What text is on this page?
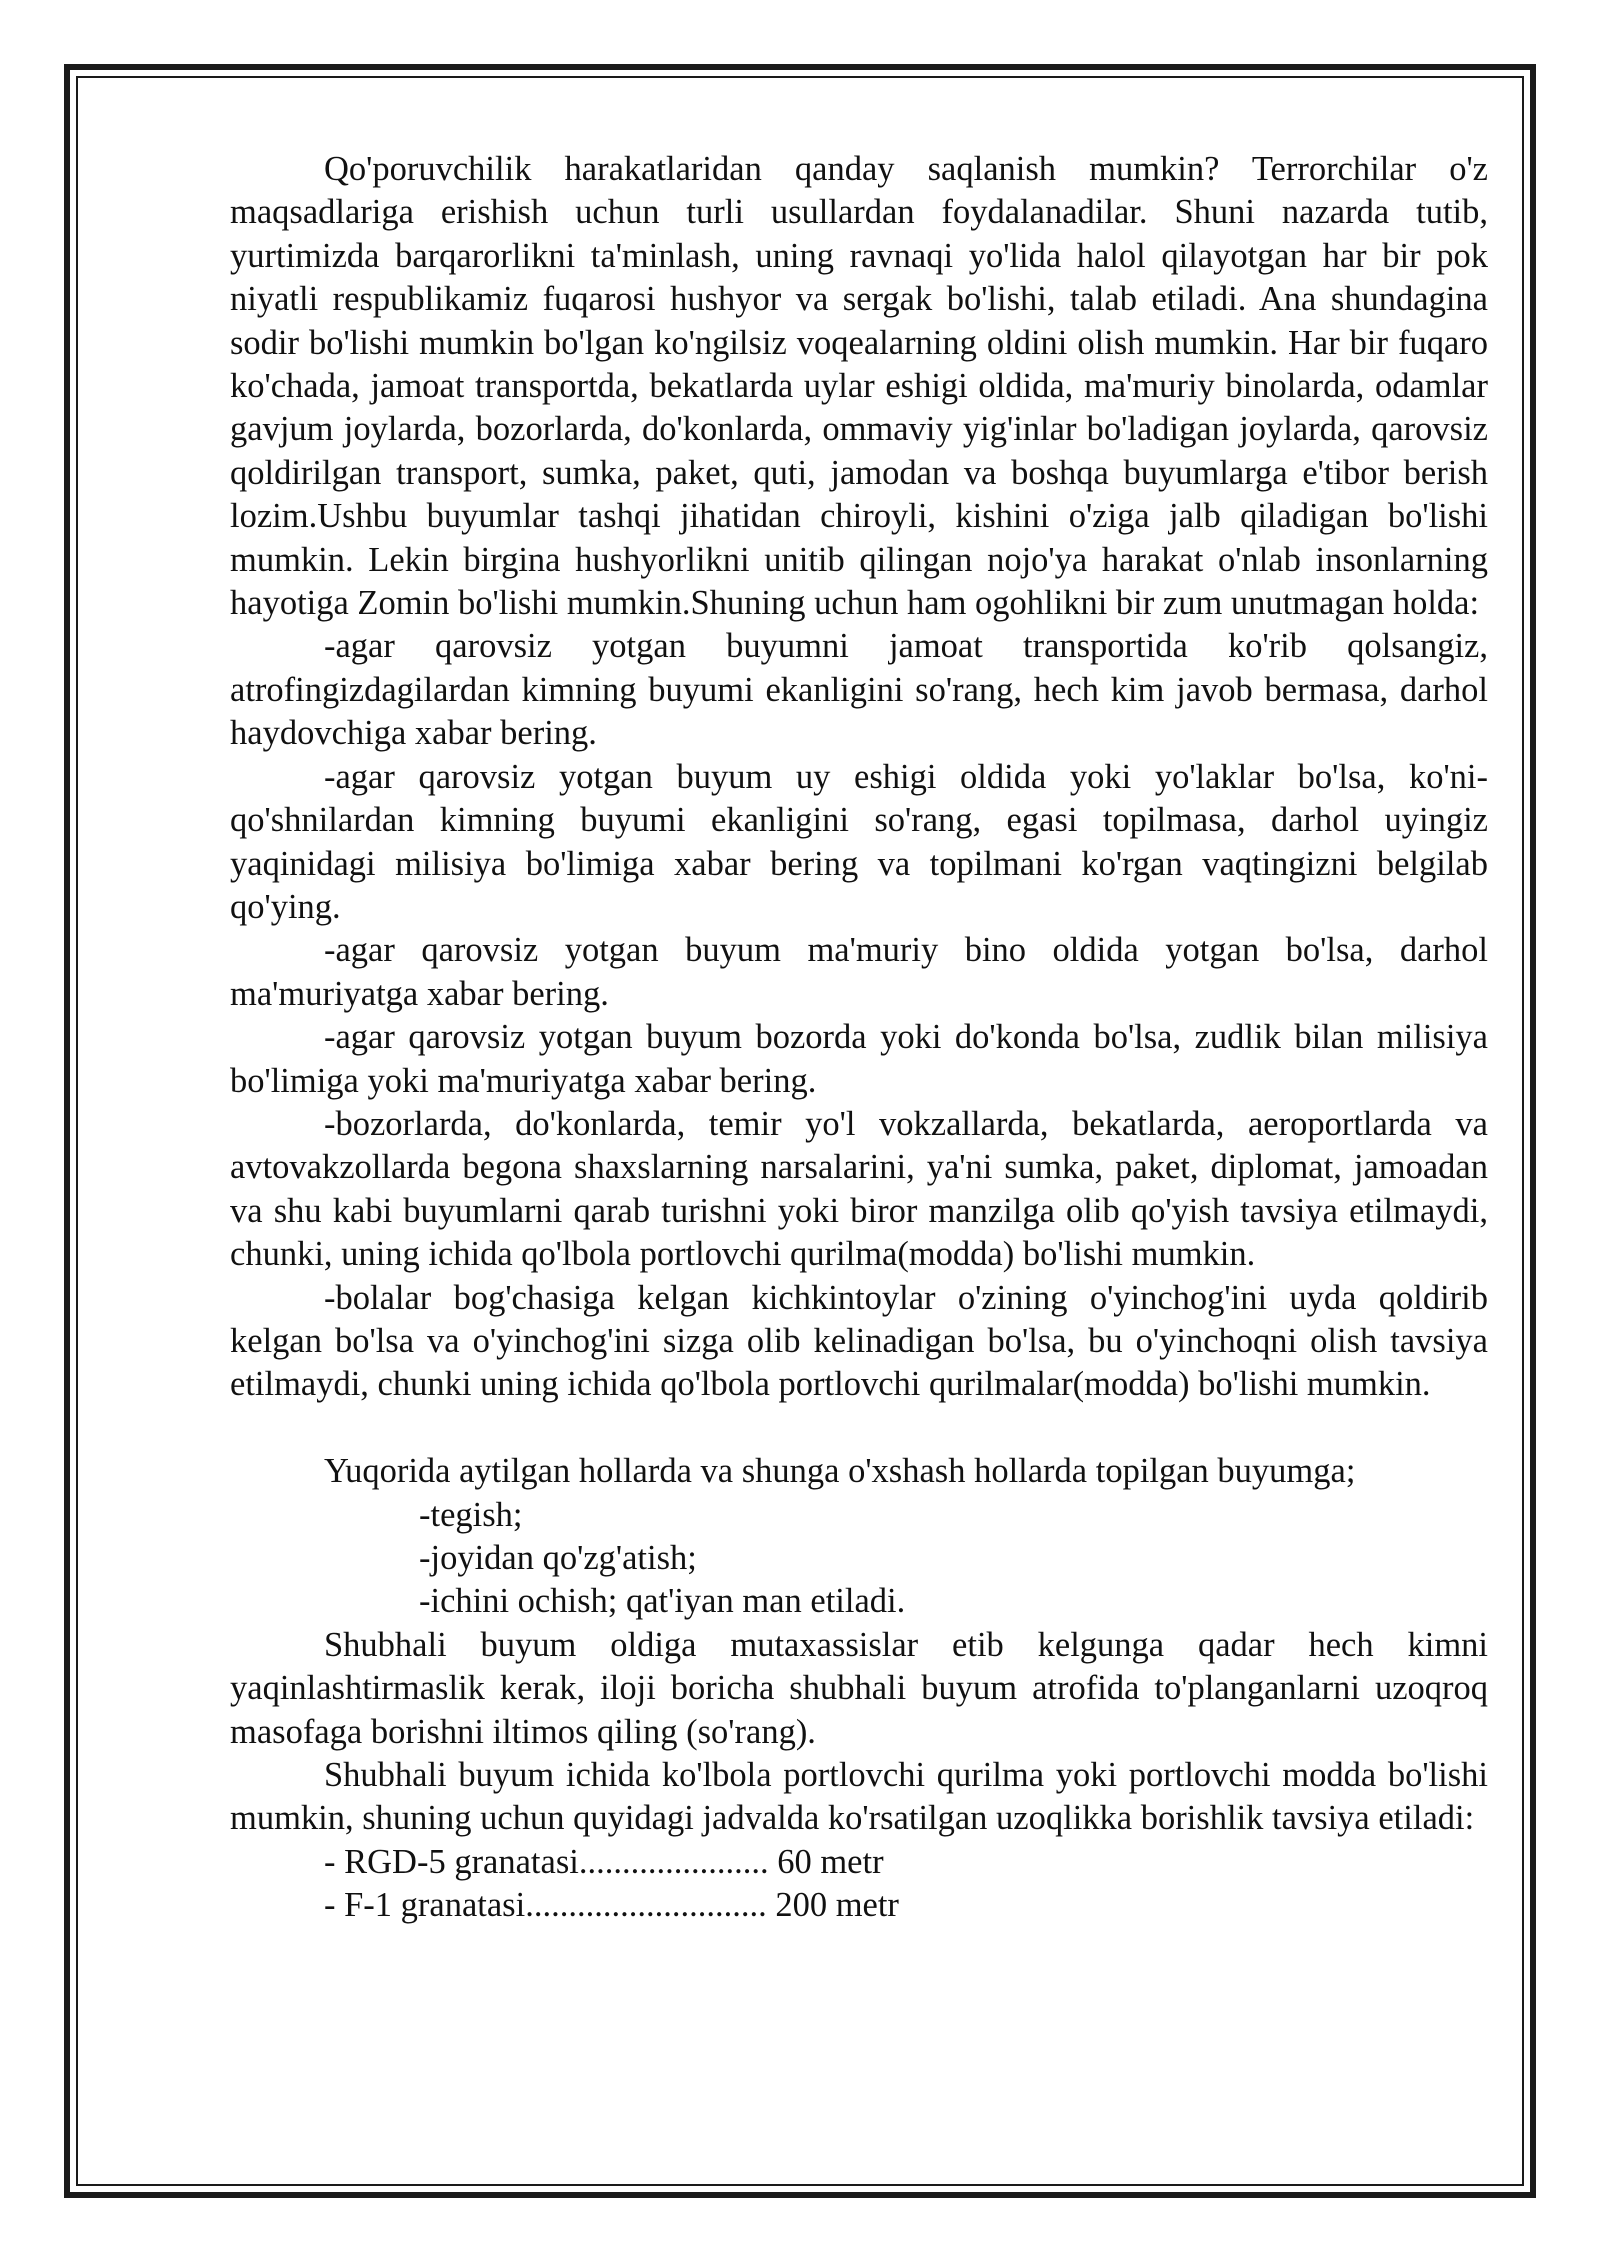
Qo'poruvchilik harakatlaridan qanday saqlanish mumkin? Terrorchilar o'z maqsadlariga erishish uchun turli usullardan foydalanadilar. Shuni nazarda tutib, yurtimizda barqarorlikni ta'minlash, uning ravnaqi yo'lida halol qilayotgan har bir pok niyatli respublikamiz fuqarosi hushyor va sergak bo'lishi, talab etiladi. Ana shundagina sodir bo'lishi mumkin bo'lgan ko'ngilsiz voqealarning oldini olish mumkin. Har bir fuqaro ko'chada, jamoat transportda, bekatlarda uylar eshigi oldida, ma'muriy binolarda, odamlar gavjum joylarda, bozorlarda, do'konlarda, ommaviy yig'inlar bo'ladigan joylarda, qarovsiz qoldirilgan transport, sumka, paket, quti, jamodan va boshqa buyumlarga e'tibor berish lozim.Ushbu buyumlar tashqi jihatidan chiroyli, kishini o'ziga jalb qiladigan bo'lishi mumkin. Lekin birgina hushyorlikni unitib qilingan nojo'ya harakat o'nlab insonlarning hayotiga Zomin bo'lishi mumkin.Shuning uchun ham ogohlikni bir zum unutmagan holda:

-agar qarovsiz yotgan buyumni jamoat transportida ko'rib qolsangiz, atrofingizdagilardan kimning buyumi ekanligini so'rang, hech kim javob bermasa, darhol haydovchiga xabar bering.

-agar qarovsiz yotgan buyum uy eshigi oldida yoki yo'laklar bo'lsa, ko'ni-qo'shnilardan kimning buyumi ekanligini so'rang, egasi topilmasa, darhol uyingiz yaqinidagi milisiya bo'limiga xabar bering va topilmani ko'rgan vaqtingizni belgilab qo'ying.

-agar qarovsiz yotgan buyum ma'muriy bino oldida yotgan bo'lsa, darhol ma'muriyatga xabar bering.

-agar qarovsiz yotgan buyum bozorda yoki do'konda bo'lsa, zudlik bilan milisiya bo'limiga yoki ma'muriyatga xabar bering.

-bozorlarda, do'konlarda, temir yo'l vokzallarda, bekatlarda, aeroportlarda va avtovakzollarda begona shaxslarning narsalarini, ya'ni sumka, paket, diplomat, jamoadan va shu kabi buyumlarni qarab turishni yoki biror manzilga olib qo'yish tavsiya etilmaydi, chunki, uning ichida qo'lbola portlovchi qurilma(modda) bo'lishi mumkin.

-bolalar bog'chasiga kelgan kichkintoylar o'zining o'yinchog'ini uyda qoldirib kelgan bo'lsa va o'yinchog'ini sizga olib kelinadigan bo'lsa, bu o'yinchoqni olish tavsiya etilmaydi, chunki uning ichida qo'lbola portlovchi qurilmalar(modda) bo'lishi mumkin.

Yuqorida aytilgan hollarda va shunga o'xshash hollarda topilgan buyumga;

-tegish;

-joyidan qo'zg'atish;

-ichini ochish; qat'iyan man etiladi.

Shubhali buyum oldiga mutaxassislar etib kelgunga qadar hech kimni yaqinlashtirmaslik kerak, iloji boricha shubhali buyum atrofida to'planganlarni uzoqroq masofaga borishni iltimos qiling (so'rang).

Shubhali buyum ichida ko'lbola portlovchi qurilma yoki portlovchi modda bo'lishi mumkin, shuning uchun quyidagi jadvalda ko'rsatilgan uzoqlikka borishlik tavsiya etiladi:

- RGD-5 granatasi...................... 60 metr

- F-1 granatasi............................ 200 metr
